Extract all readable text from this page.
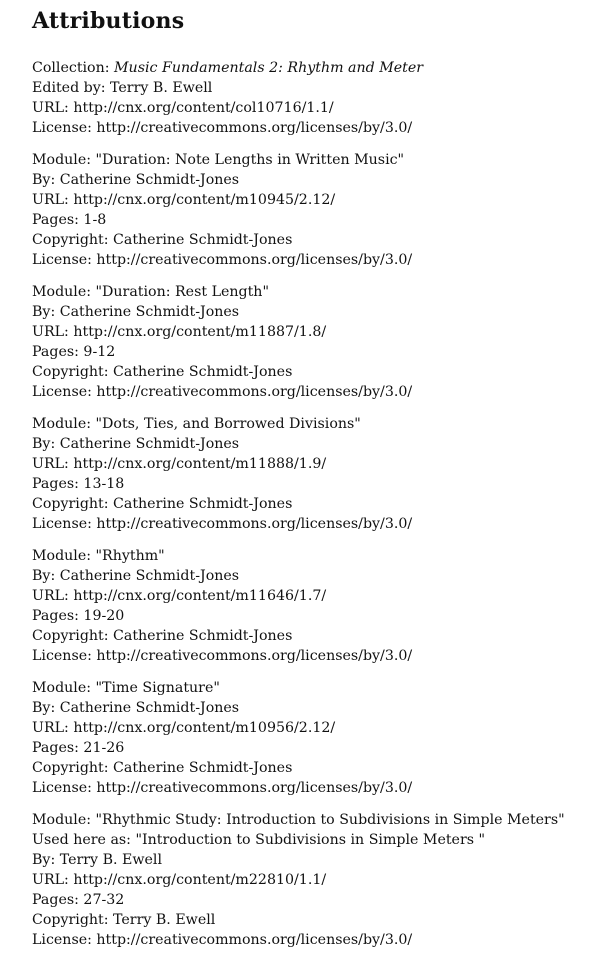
Attributions
Collection: Music Fundamentals 2: Rhythm and Meter
Edited by: Terry B. Ewell
URL: http://cnx.org/content/col10716/1.1/
License: http://creativecommons.org/licenses/by/3.0/
Module: "Duration: Note Lengths in Written Music"
By: Catherine Schmidt-Jones
URL: http://cnx.org/content/m10945/2.12/
Pages: 1-8
Copyright: Catherine Schmidt-Jones
License: http://creativecommons.org/licenses/by/3.0/
Module: "Duration: Rest Length"
By: Catherine Schmidt-Jones
URL: http://cnx.org/content/m11887/1.8/
Pages: 9-12
Copyright: Catherine Schmidt-Jones
License: http://creativecommons.org/licenses/by/3.0/
Module: "Dots, Ties, and Borrowed Divisions"
By: Catherine Schmidt-Jones
URL: http://cnx.org/content/m11888/1.9/
Pages: 13-18
Copyright: Catherine Schmidt-Jones
License: http://creativecommons.org/licenses/by/3.0/
Module: "Rhythm"
By: Catherine Schmidt-Jones
URL: http://cnx.org/content/m11646/1.7/
Pages: 19-20
Copyright: Catherine Schmidt-Jones
License: http://creativecommons.org/licenses/by/3.0/
Module: "Time Signature"
By: Catherine Schmidt-Jones
URL: http://cnx.org/content/m10956/2.12/
Pages: 21-26
Copyright: Catherine Schmidt-Jones
License: http://creativecommons.org/licenses/by/3.0/
Module: "Rhythmic Study: Introduction to Subdivisions in Simple Meters"
Used here as: "Introduction to Subdivisions in Simple Meters "
By: Terry B. Ewell
URL: http://cnx.org/content/m22810/1.1/
Pages: 27-32
Copyright: Terry B. Ewell
License: http://creativecommons.org/licenses/by/3.0/
